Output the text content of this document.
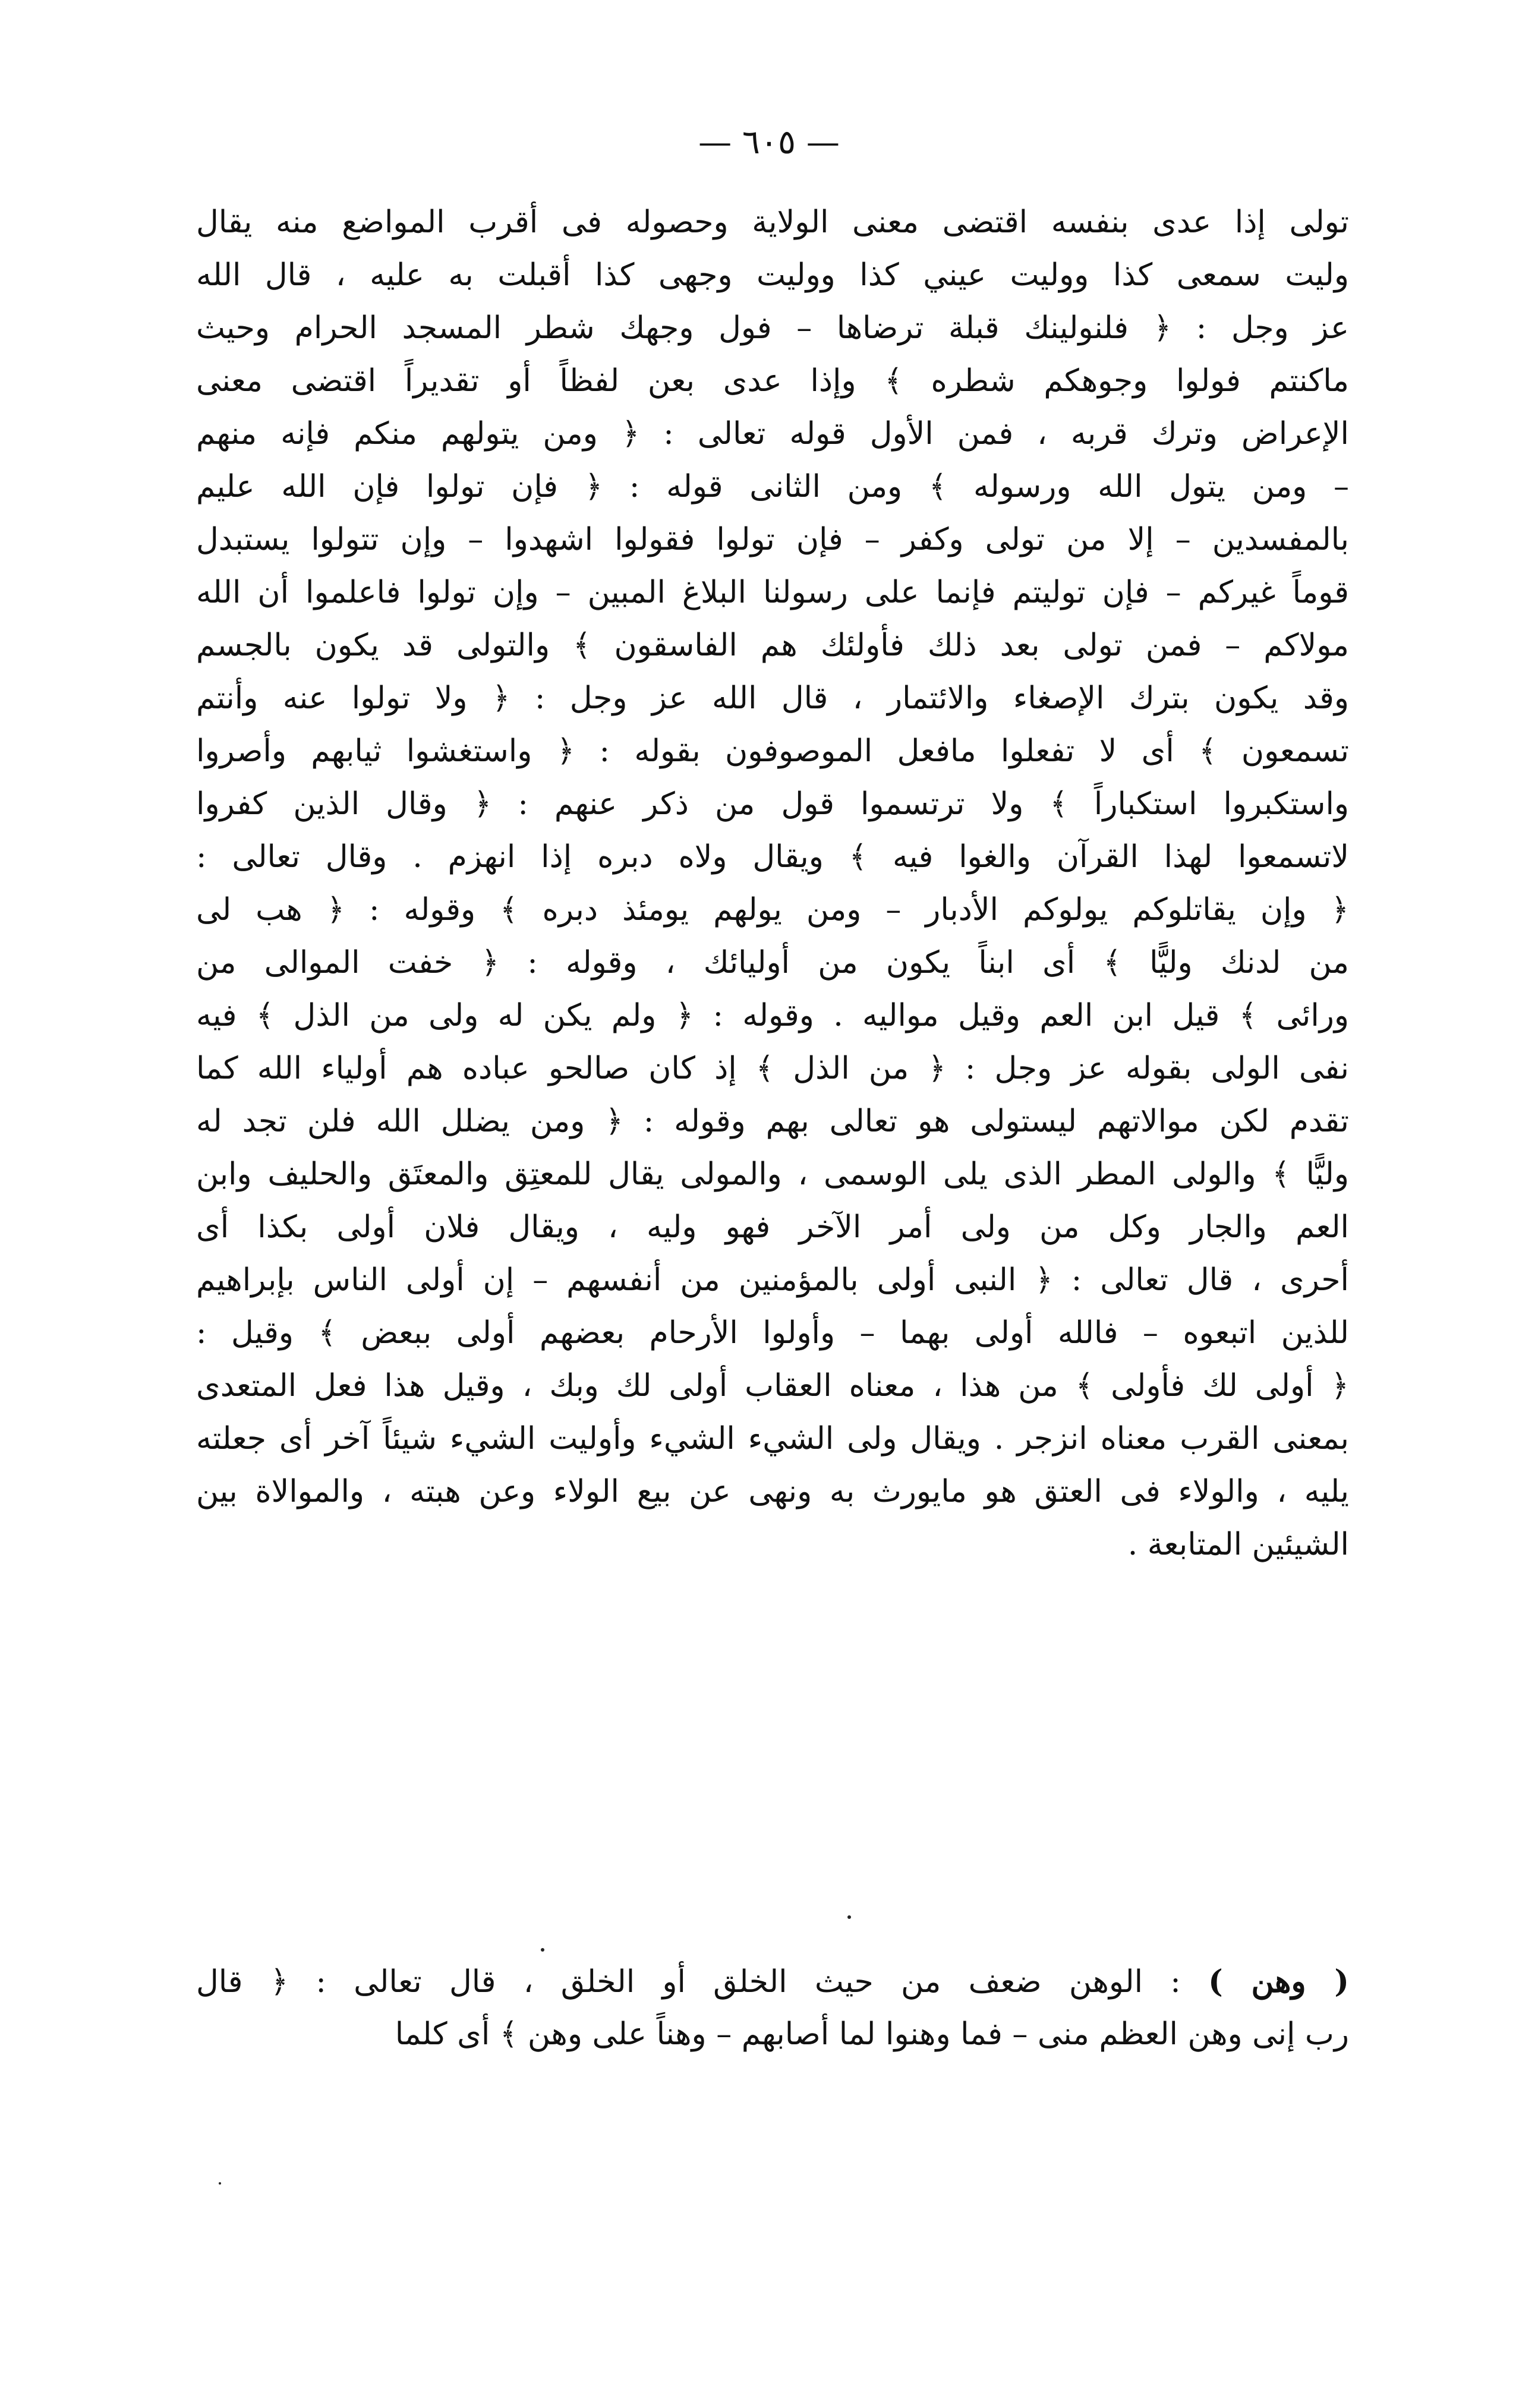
— ٦٠٥ —
تولى إذا عدى بنفسه اقتضى معنى الولاية وحصوله فى أقرب المواضع منه يقال
وليت سمعى كذا ووليت عيني كذا ووليت وجهى كذا أقبلت به عليه ، قال الله
عز وجل : ﴿ فلنولينك قبلة ترضاها – فول وجهك شطر المسجد الحرام وحيث
ماكنتم فولوا وجوهكم شطره ﴾ وإذا عدى بعن لفظاً أو تقديراً اقتضى معنى
الإعراض وترك قربه ، فمن الأول قوله تعالى : ﴿ ومن يتولهم منكم فإنه منهم
– ومن يتول الله ورسوله ﴾ ومن الثانى قوله : ﴿ فإن تولوا فإن الله عليم
بالمفسدين – إلا من تولى وكفر – فإن تولوا فقولوا اشهدوا – وإن تتولوا يستبدل
قوماً غيركم – فإن توليتم فإنما على رسولنا البلاغ المبين – وإن تولوا فاعلموا أن الله
مولاكم – فمن تولى بعد ذلك فأولئك هم الفاسقون ﴾ والتولى قد يكون بالجسم
وقد يكون بترك الإصغاء والائتمار ، قال الله عز وجل : ﴿ ولا تولوا عنه وأنتم
تسمعون ﴾ أى لا تفعلوا مافعل الموصوفون بقوله : ﴿ واستغشوا ثيابهم وأصروا
واستكبروا استكباراً ﴾ ولا ترتسموا قول من ذكر عنهم : ﴿ وقال الذين كفروا
لاتسمعوا لهذا القرآن والغوا فيه ﴾ ويقال ولاه دبره إذا انهزم . وقال تعالى :
﴿ وإن يقاتلوكم يولوكم الأدبار – ومن يولهم يومئذ دبره ﴾ وقوله : ﴿ هب لى
من لدنك وليًّا ﴾ أى ابناً يكون من أوليائك ، وقوله : ﴿ خفت الموالى من
ورائى ﴾ قيل ابن العم وقيل مواليه . وقوله : ﴿ ولم يكن له ولى من الذل ﴾ فيه
نفى الولى بقوله عز وجل : ﴿ من الذل ﴾ إذ كان صالحو عباده هم أولياء الله كما
تقدم لكن موالاتهم ليستولى هو تعالى بهم وقوله : ﴿ ومن يضلل الله فلن تجد له
وليًّا ﴾ والولى المطر الذى يلى الوسمى ، والمولى يقال للمعتِق والمعتَق والحليف وابن
العم والجار وكل من ولى أمر الآخر فهو وليه ، ويقال فلان أولى بكذا أى
أحرى ، قال تعالى : ﴿ النبى أولى بالمؤمنين من أنفسهم – إن أولى الناس بإبراهيم
للذين اتبعوه – فالله أولى بهما – وأولوا الأرحام بعضهم أولى ببعض ﴾ وقيل :
﴿ أولى لك فأولى ﴾ من هذا ، معناه العقاب أولى لك وبك ، وقيل هذا فعل المتعدى
بمعنى القرب معناه انزجر . ويقال ولى الشيء الشيء وأوليت الشيء شيئاً آخر أى جعلته
يليه ، والولاء فى العتق هو مايورث به ونهى عن بيع الولاء وعن هبته ، والموالاة بين
الشيئين المتابعة .
( وهن ) : الوهن ضعف من حيث الخلق أو الخلق ، قال تعالى : ﴿ قال
رب إنى وهن العظم منى – فما وهنوا لما أصابهم – وهناً على وهن ﴾ أى كلما
